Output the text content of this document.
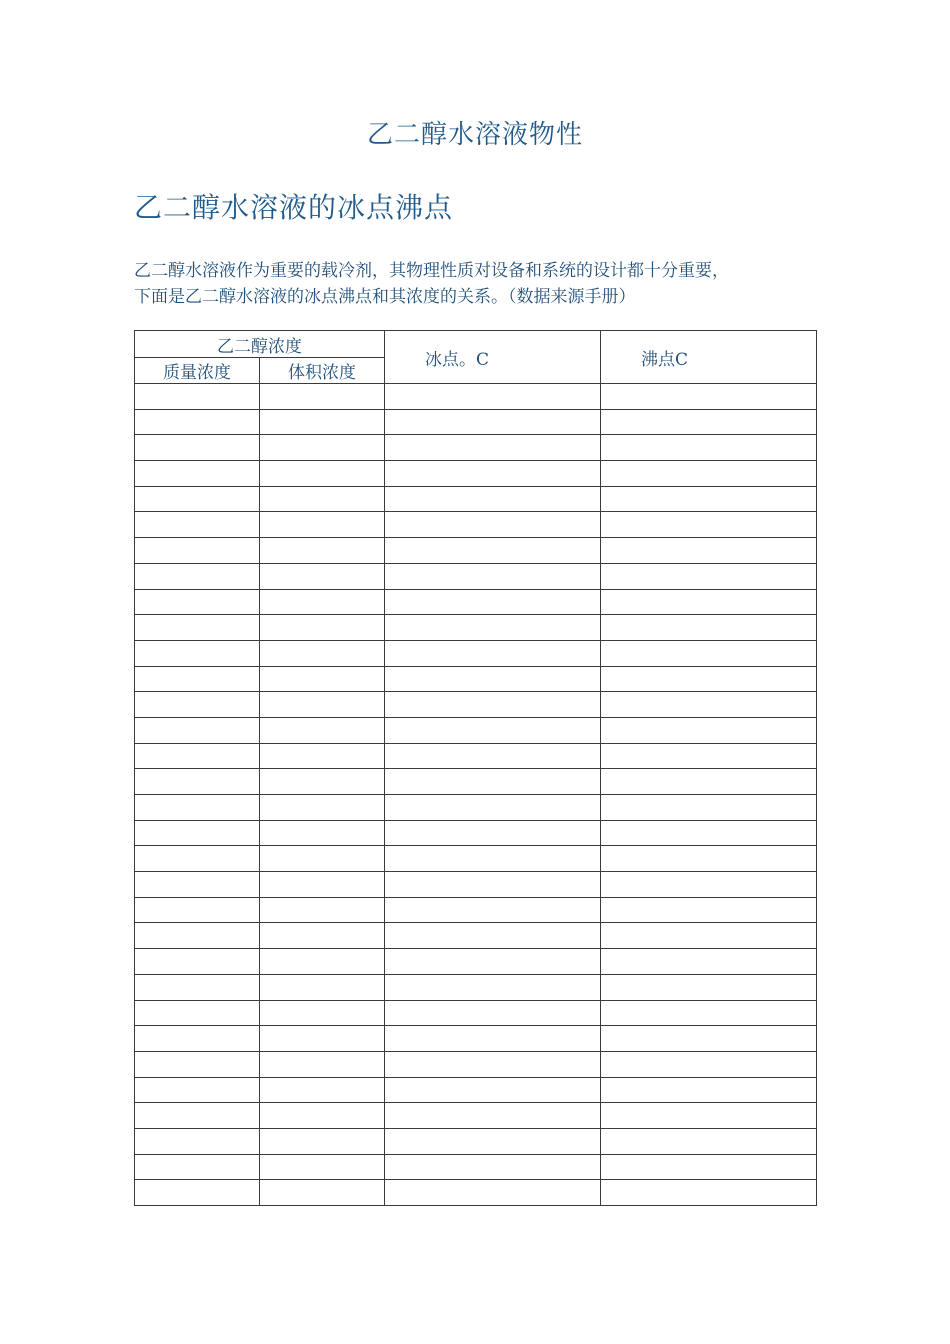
乙二醇水溶液物性
乙二醇水溶液的冰点沸点

乙二醇水溶液作为重要的载冷剂，其物理性质对设备和系统的设计都十分重要，

下面是乙二醇水溶液的冰点沸点和其浓度的关系。（数据来源手册）

乙二醇浓度		冰点。C	沸点C
质量浓度	体积浓度		
